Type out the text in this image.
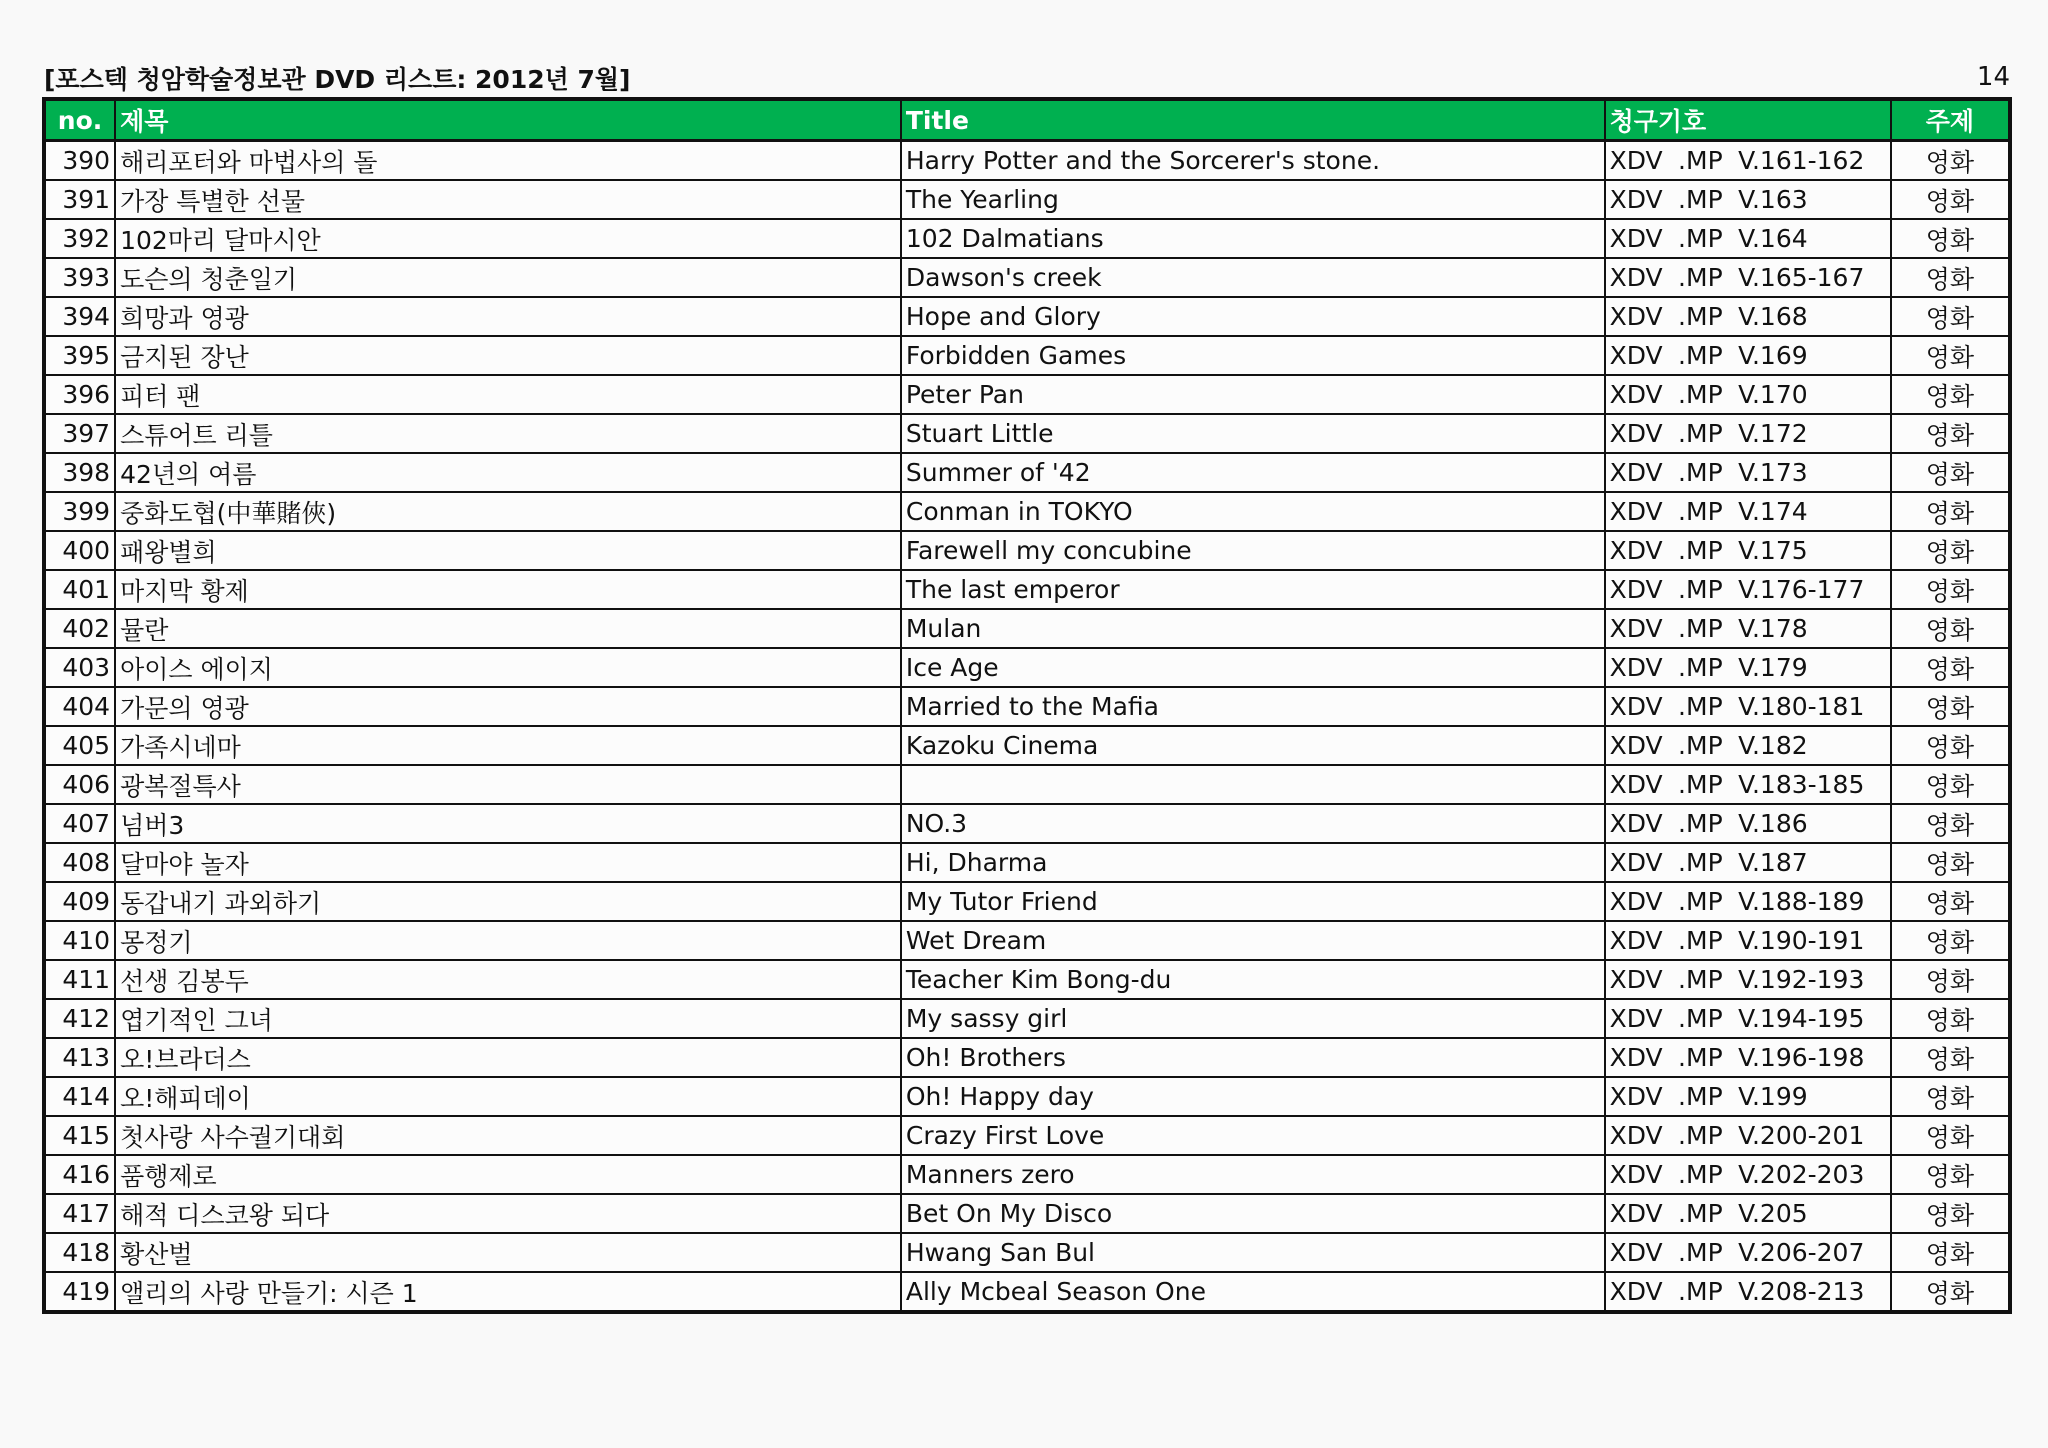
[포스텍 청암학술정보관 DVD 리스트: 2012년 7월]	14
no.	제목	Title	청구기호	주제
390	해리포터와 마법사의 돌	Harry Potter and the Sorcerer's stone.	XDV .MP V.161-162	영화
391	가장 특별한 선물	The Yearling	XDV .MP V.163	영화
392	102마리 달마시안	102 Dalmatians	XDV .MP V.164	영화
393	도슨의 청춘일기	Dawson's creek	XDV .MP V.165-167	영화
394	희망과 영광	Hope and Glory	XDV .MP V.168	영화
395	금지된 장난	Forbidden Games	XDV .MP V.169	영화
396	피터 팬	Peter Pan	XDV .MP V.170	영화
397	스튜어트 리틀	Stuart Little	XDV .MP V.172	영화
398	42년의 여름	Summer of '42	XDV .MP V.173	영화
399	중화도협(中華賭俠)	Conman in TOKYO	XDV .MP V.174	영화
400	패왕별희	Farewell my concubine	XDV .MP V.175	영화
401	마지막 황제	The last emperor	XDV .MP V.176-177	영화
402	뮬란	Mulan	XDV .MP V.178	영화
403	아이스 에이지	Ice Age	XDV .MP V.179	영화
404	가문의 영광	Married to the Mafia	XDV .MP V.180-181	영화
405	가족시네마	Kazoku Cinema	XDV .MP V.182	영화
406	광복절특사		XDV .MP V.183-185	영화
407	넘버3	NO.3	XDV .MP V.186	영화
408	달마야 놀자	Hi, Dharma	XDV .MP V.187	영화
409	동갑내기 과외하기	My Tutor Friend	XDV .MP V.188-189	영화
410	몽정기	Wet Dream	XDV .MP V.190-191	영화
411	선생 김봉두	Teacher Kim Bong-du	XDV .MP V.192-193	영화
412	엽기적인 그녀	My sassy girl	XDV .MP V.194-195	영화
413	오!브라더스	Oh! Brothers	XDV .MP V.196-198	영화
414	오!해피데이	Oh! Happy day	XDV .MP V.199	영화
415	첫사랑 사수궐기대회	Crazy First Love	XDV .MP V.200-201	영화
416	품행제로	Manners zero	XDV .MP V.202-203	영화
417	해적 디스코왕 되다	Bet On My Disco	XDV .MP V.205	영화
418	황산벌	Hwang San Bul	XDV .MP V.206-207	영화
419	앨리의 사랑 만들기: 시즌 1	Ally Mcbeal Season One	XDV .MP V.208-213	영화
